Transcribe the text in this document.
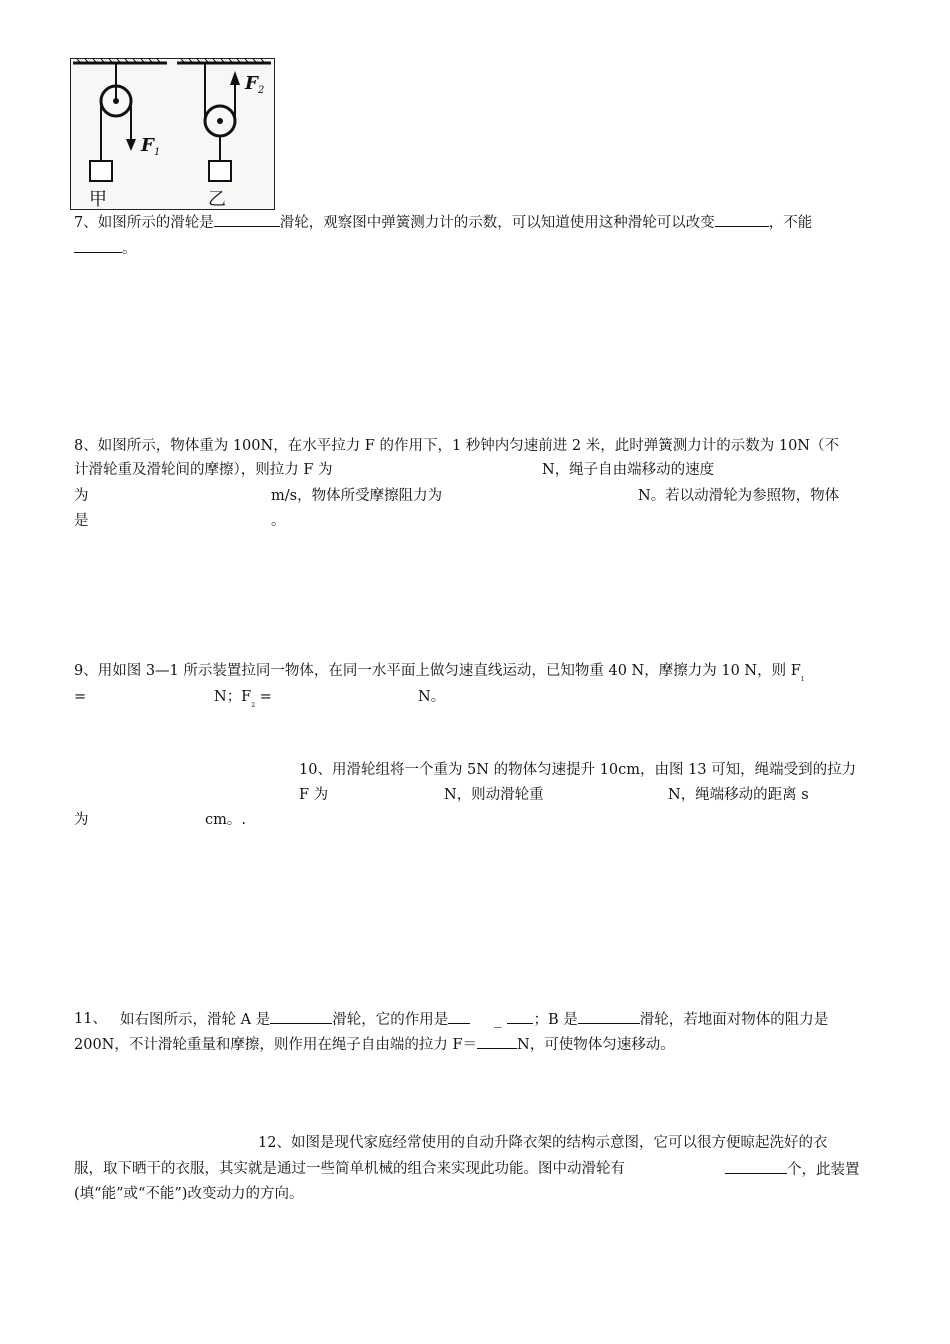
F 1
甲
F 2
乙
7、如图所示的滑轮是	滑轮，观察图中弹簧测力计的示数，可以知道使用这种滑轮可以改变	，不能
。
8、如图所示，物体重为 100N，在水平拉力 F 的作用下，1 秒钟内匀速前进 2 米，此时弹簧测力计的示数为 10N（不
计滑轮重及滑轮间的摩擦），则拉力 F 为	N，绳子自由端移动的速度
为	m/s，物体所受摩擦阻力为	N。若以动滑轮为参照物，物体
是	。
9、用如图 3—1 所示装置拉同一物体，在同一水平面上做匀速直线运动，已知物重 40 N，摩擦力为 10 N，则 $F_1$
=	N；$F_2$ =	N。
10、用滑轮组将一个重为 5N 的物体匀速提升 10cm，由图 13 可知，绳端受到的拉力
F 为	N，则动滑轮重	N，绳端移动的距离 s
为	cm。.
11、 如右图所示，滑轮 A 是	滑轮，它的作用是	_ ；B 是	滑轮，若地面对物体的阻力是
200N，不计滑轮重量和摩擦，则作用在绳子自由端的拉力 F＝	N，可使物体匀速移动。
12、如图是现代家庭经常使用的自动升降衣架的结构示意图，它可以很方便晾起洗好的衣
服，取下晒干的衣服，其实就是通过一些简单机械的组合来实现此功能。图中动滑轮有	个，此装置
(填“能”或“不能”)改变动力的方向。
